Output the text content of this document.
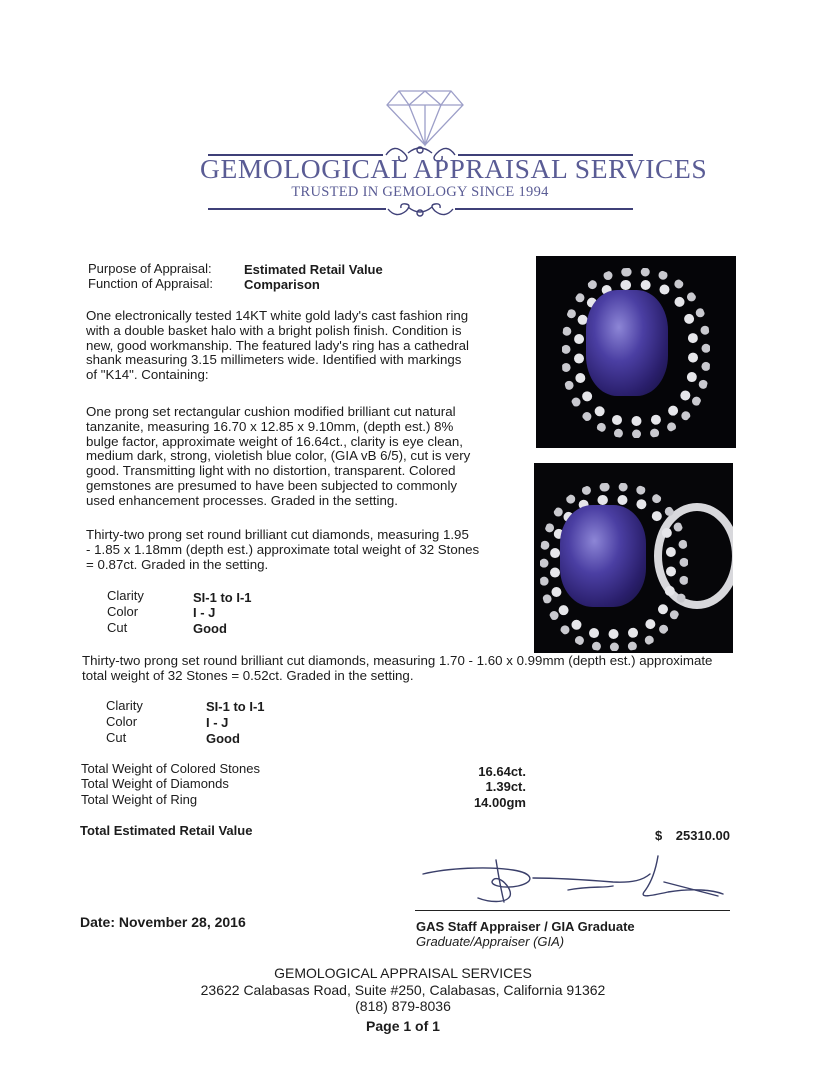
GEMOLOGICAL APPRAISAL SERVICES
TRUSTED IN GEMOLOGY SINCE 1994
Purpose of Appraisal: Estimated Retail Value
Function of Appraisal: Comparison
One electronically tested 14KT white gold lady's cast fashion ring
with a double basket halo with a bright polish finish. Condition is
new, good workmanship. The featured lady's ring has a cathedral
shank measuring 3.15 millimeters wide. Identified with markings
of "K14". Containing:
One prong set rectangular cushion modified brilliant cut natural
tanzanite, measuring 16.70 x 12.85 x 9.10mm, (depth est.) 8%
bulge factor, approximate weight of 16.64ct., clarity is eye clean,
medium dark, strong, violetish blue color, (GIA vB 6/5), cut is very
good. Transmitting light with no distortion, transparent. Colored
gemstones are presumed to have been subjected to commonly
used enhancement processes. Graded in the setting.
Thirty-two prong set round brilliant cut diamonds, measuring 1.95
- 1.85 x 1.18mm (depth est.) approximate total weight of 32 Stones
= 0.87ct. Graded in the setting.
Clarity	SI-1 to I-1
Color	I - J
Cut	Good
Thirty-two prong set round brilliant cut diamonds, measuring 1.70 - 1.60 x 0.99mm (depth est.) approximate
total weight of 32 Stones = 0.52ct. Graded in the setting.
Clarity	SI-1 to I-1
Color	I - J
Cut	Good
Total Weight of Colored Stones	16.64ct.
Total Weight of Diamonds	1.39ct.
Total Weight of Ring	14.00gm
Total Estimated Retail Value	$	25310.00
Date: November 28, 2016	GAS Staff Appraiser / GIA Graduate
Graduate/Appraiser (GIA)
GEMOLOGICAL APPRAISAL SERVICES
23622 Calabasas Road, Suite #250, Calabasas, California 91362
(818) 879-8036
Page 1 of 1
